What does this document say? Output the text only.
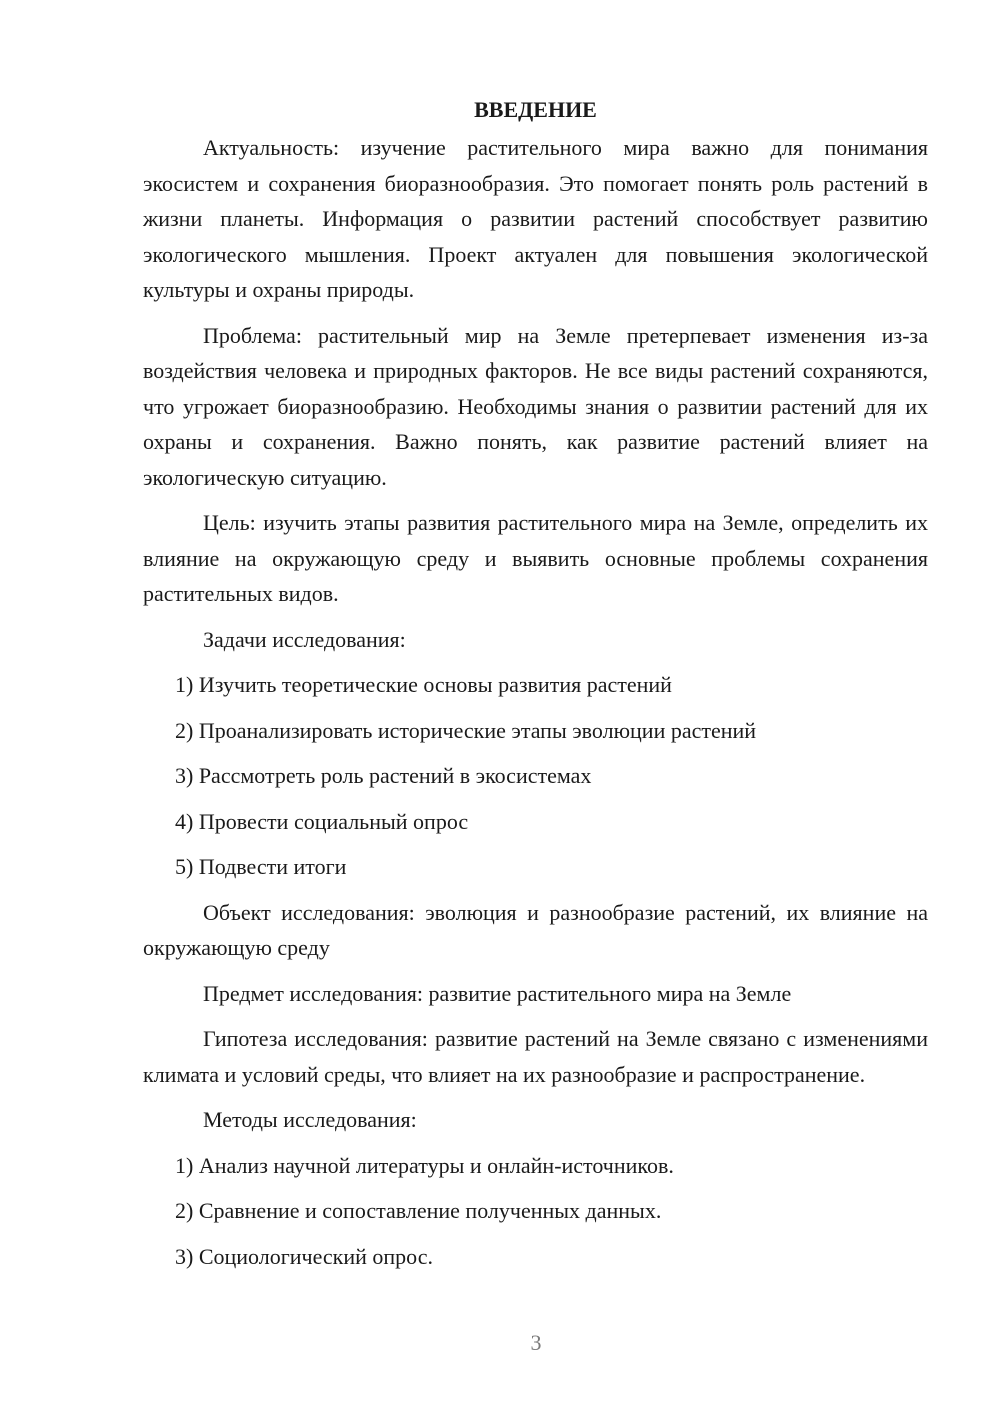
ВВЕДЕНИЕ

Актуальность: изучение растительного мира важно для понимания экосистем и сохранения биоразнообразия. Это помогает понять роль растений в жизни планеты. Информация о развитии растений способствует развитию экологического мышления. Проект актуален для повышения экологической культуры и охраны природы.

Проблема: растительный мир на Земле претерпевает изменения из-за воздействия человека и природных факторов. Не все виды растений сохраняются, что угрожает биоразнообразию. Необходимы знания о развитии растений для их охраны и сохранения. Важно понять, как развитие растений влияет на экологическую ситуацию.

Цель: изучить этапы развития растительного мира на Земле, определить их влияние на окружающую среду и выявить основные проблемы сохранения растительных видов.

Задачи исследования:

1) Изучить теоретические основы развития растений
2) Проанализировать исторические этапы эволюции растений
3) Рассмотреть роль растений в экосистемах
4) Провести социальный опрос
5) Подвести итоги

Объект исследования: эволюция и разнообразие растений, их влияние на окружающую среду

Предмет исследования: развитие растительного мира на Земле

Гипотеза исследования: развитие растений на Земле связано с изменениями климата и условий среды, что влияет на их разнообразие и распространение.

Методы исследования:

1) Анализ научной литературы и онлайн-источников.
2) Сравнение и сопоставление полученных данных.
3) Социологический опрос.
3
